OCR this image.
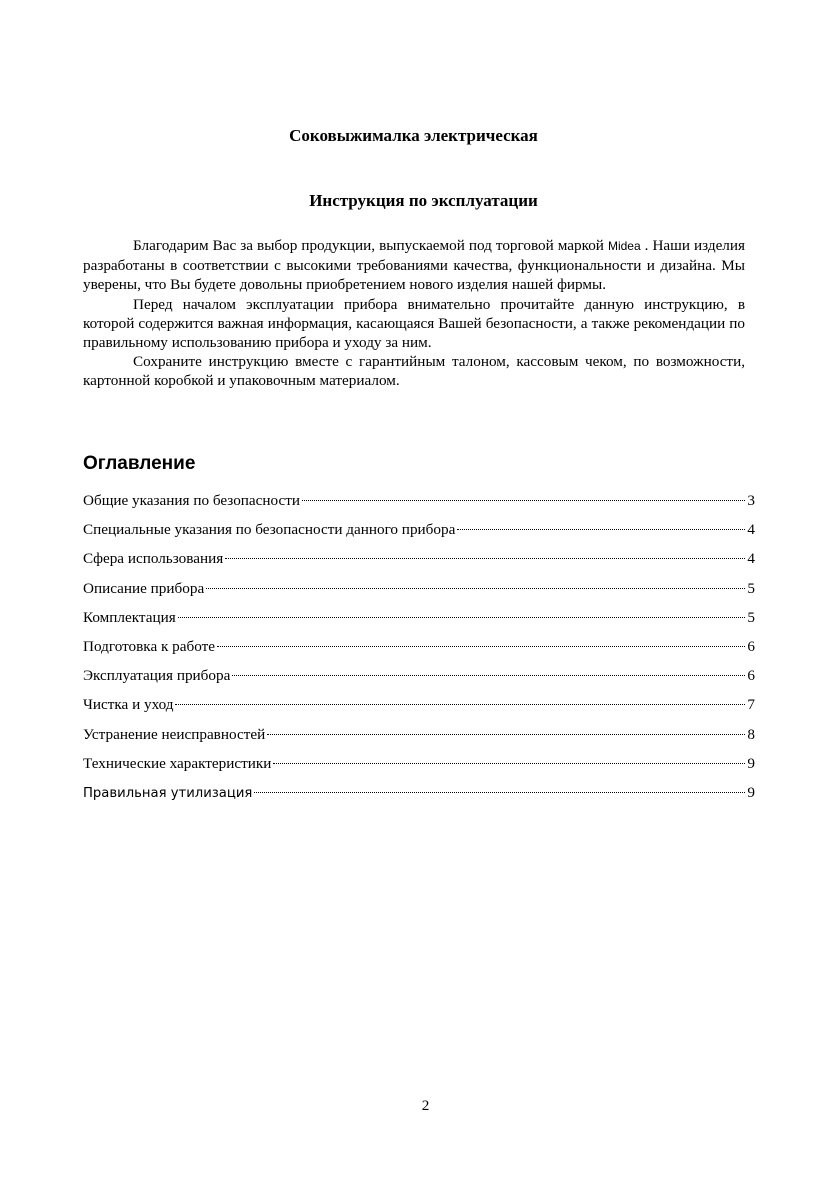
Соковыжималка электрическая
Инструкция по эксплуатации

Благодарим Вас за выбор продукции, выпускаемой под торговой маркой Midea . Наши изделия разработаны в соответствии с высокими требованиями качества, функциональности и дизайна. Мы уверены, что Вы будете довольны приобретением нового изделия нашей фирмы.

Перед началом эксплуатации прибора внимательно прочитайте данную инструкцию, в которой содержится важная информация, касающаяся Вашей безопасности, а также рекомендации по правильному использованию прибора и уходу за ним.

Сохраните инструкцию вместе с гарантийным талоном, кассовым чеком, по возможности, картонной коробкой и упаковочным материалом.

Оглавление
Общие указания по безопасности	3
Специальные указания по безопасности данного прибора	4
Сфера использования	4
Описание прибора	5
Комплектация	5
Подготовка к работе	6
Эксплуатация прибора	6
Чистка и уход	7
Устранение неисправностей	8
Технические характеристики	9
Правильная утилизация	9
2
